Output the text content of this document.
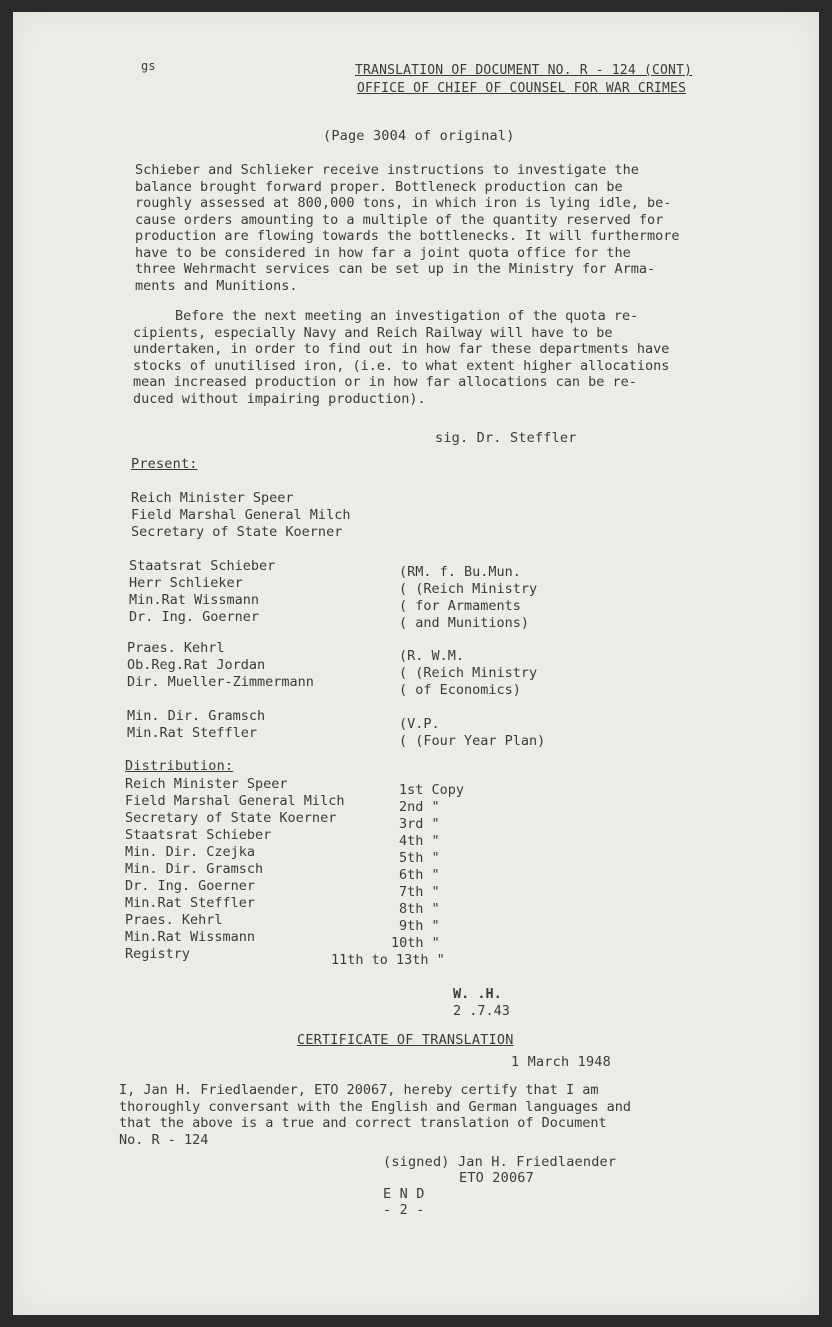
gs	TRANSLATION OF DOCUMENT NO. R - 124 (CONT)
OFFICE OF CHIEF OF COUNSEL FOR WAR CRIMES
(Page 3004 of original)
Schieber and Schlieker receive instructions to investigate the
balance brought forward proper. Bottleneck production can be
roughly assessed at 800,000 tons, in which iron is lying idle, be-
cause orders amounting to a multiple of the quantity reserved for
production are flowing towards the bottlenecks. It will furthermore
have to be considered in how far a joint quota office for the
three Wehrmacht services can be set up in the Ministry for Arma-
ments and Munitions.
Before the next meeting an investigation of the quota re-
cipients, especially Navy and Reich Railway will have to be
undertaken, in order to find out in how far these departments have
stocks of unutilised iron, (i.e. to what extent higher allocations
mean increased production or in how far allocations can be re-
duced without impairing production).
sig. Dr. Steffler
Present:
Reich Minister Speer
Field Marshal General Milch
Secretary of State Koerner
Staatsrat Schieber
Herr Schlieker
Min.Rat Wissmann
Dr. Ing. Goerner
(RM. f. Bu.Mun.
( (Reich Ministry
( for Armaments
( and Munitions)
Praes. Kehrl
Ob.Reg.Rat Jordan
Dir. Mueller-Zimmermann
(R. W.M.
( (Reich Ministry
( of Economics)
Min. Dir. Gramsch
Min.Rat Steffler
(V.P.
( (Four Year Plan)
Distribution:
Reich Minister Speer
Field Marshal General Milch
Secretary of State Koerner
Staatsrat Schieber
Min. Dir. Czejka
Min. Dir. Gramsch
Dr. Ing. Goerner
Min.Rat Steffler
Praes. Kehrl
Min.Rat Wissmann
Registry
1st Copy
2nd "
3rd "
4th "
5th "
6th "
7th "
8th "
9th "
10th "
11th to 13th "
W. .H.
2 .7.43
CERTIFICATE OF TRANSLATION
1 March 1948
I, Jan H. Friedlaender, ETO 20067, hereby certify that I am
thoroughly conversant with the English and German languages and
that the above is a true and correct translation of Document
No. R - 124
(signed) Jan H. Friedlaender
ETO 20067
E N D
- 2 -
